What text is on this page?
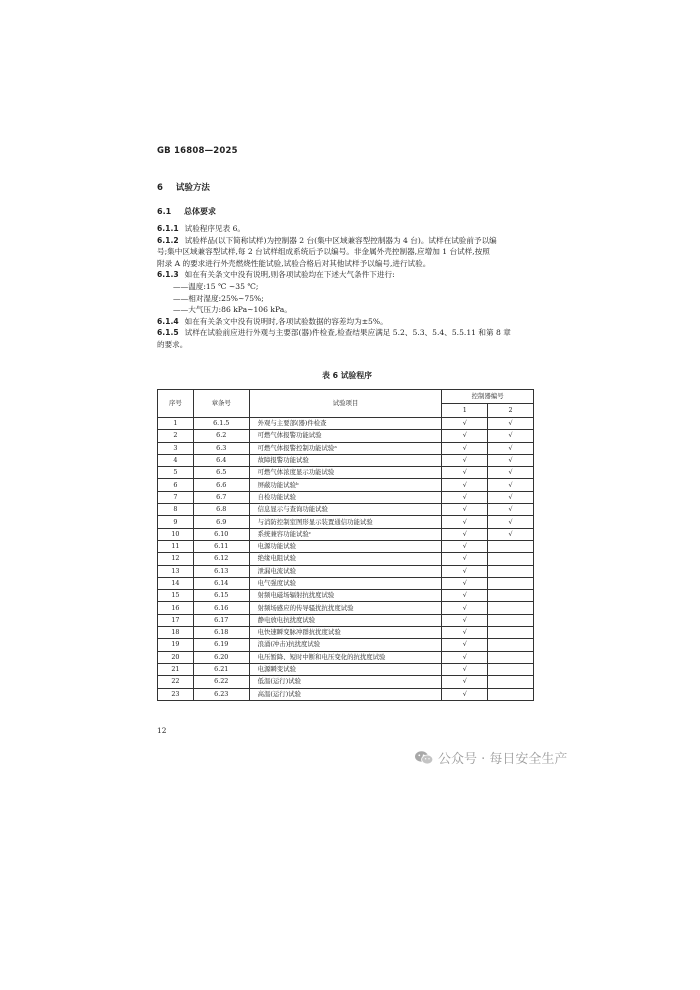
GB 16808—2025
6 试验方法
6.1 总体要求

6.1.1 试验程序见表 6。

6.1.2 试验样品(以下简称试样)为控制器 2 台(集中区域兼容型控制器为 4 台)。试样在试验前予以编

号;集中区域兼容型试样,每 2 台试样组成系统后予以编号。非金属外壳控制器,应增加 1 台试样,按照

附录 A 的要求进行外壳燃烧性能试验,试验合格后对其他试样予以编号,进行试验。

6.1.3 如在有关条文中没有说明,则各项试验均在下述大气条件下进行:

——温度:15 ℃ ~35 ℃;

——相对湿度:25%~75%;

——大气压力:86 kPa~106 kPa。

6.1.4 如在有关条文中没有说明时,各项试验数据的容差均为±5%。

6.1.5 试样在试验前应进行外观与主要部(器)件检查,检查结果应满足 5.2、5.3、5.4、5.5.11 和第 8 章

的要求。

表 6 试验程序
序号	章条号	试验项目	控制器编号	
			1	2
1	6.1.5	外观与主要部(器)件检查	√	√
2	6.2	可燃气体报警功能试验	√	√
3	6.3	可燃气体报警控制功能试验ᵃ	√	√
4	6.4	故障报警功能试验	√	√
5	6.5	可燃气体浓度显示功能试验	√	√
6	6.6	屏蔽功能试验ᵇ	√	√
7	6.7	自检功能试验	√	√
8	6.8	信息显示与查询功能试验	√	√
9	6.9	与消防控制室图形显示装置通信功能试验	√	√
10	6.10	系统兼容功能试验ᶜ	√	√
11	6.11	电源功能试验	√	
12	6.12	绝缘电阻试验	√	
13	6.13	泄漏电流试验	√	
14	6.14	电气强度试验	√	
15	6.15	射频电磁场辐射抗扰度试验	√	
16	6.16	射频场感应的传导骚扰抗扰度试验	√	
17	6.17	静电放电抗扰度试验	√	
18	6.18	电快速瞬变脉冲群抗扰度试验	√	
19	6.19	浪涌(冲击)抗扰度试验	√	
20	6.20	电压暂降、短时中断和电压变化的抗扰度试验	√	
21	6.21	电源瞬变试验	√	
22	6.22	低温(运行)试验	√	
23	6.23	高温(运行)试验	√	
12
公众号 · 每日安全生产
